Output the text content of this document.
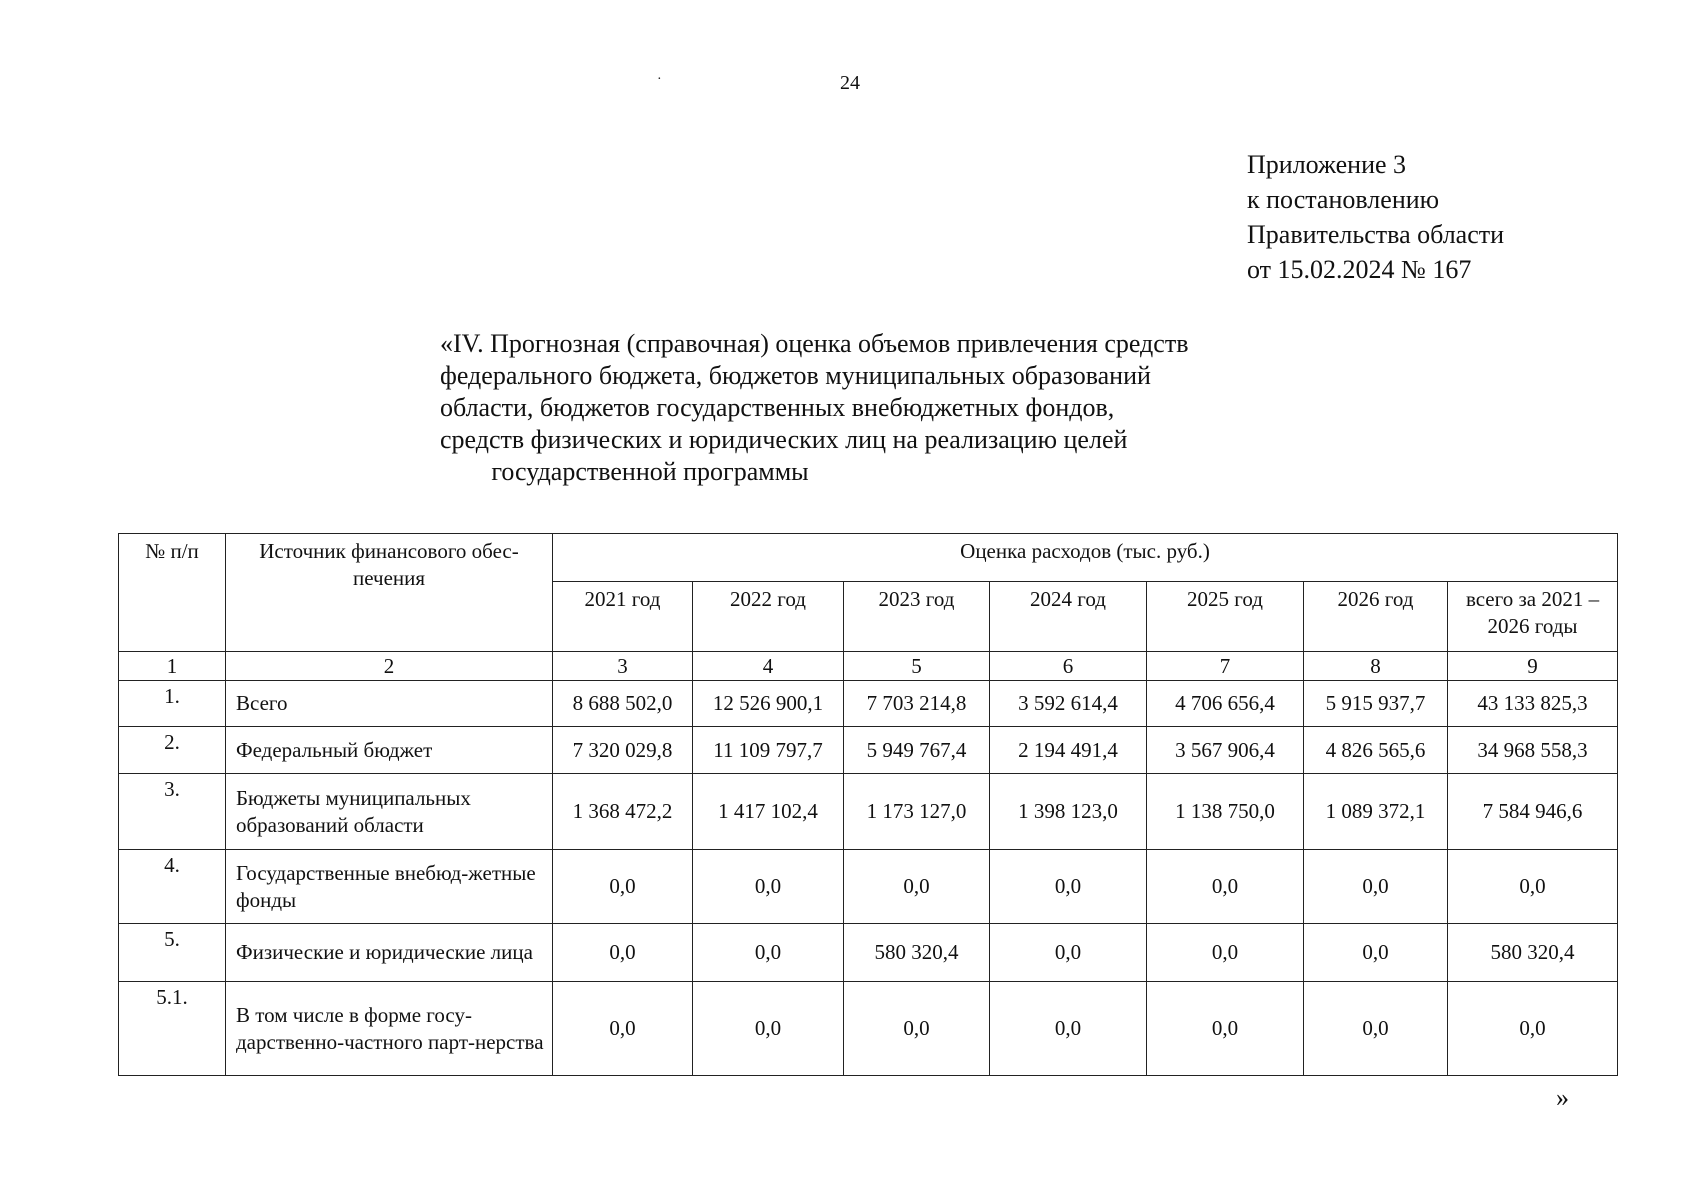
24
·
Приложение 3
к постановлению
Правительства области
от 15.02.2024 № 167
«IV. Прогнозная (справочная) оценка объемов привлечения средств
федерального бюджета, бюджетов муниципальных образований
области, бюджетов государственных внебюджетных фондов,
средств физических и юридических лиц на реализацию целей
государственной программы
№ п/п	Источник финансового обес-печения	Оценка расходов (тыс. руб.)						
		2021 год	2022 год	2023 год	2024 год	2025 год	2026 год	всего за 2021 – 2026 годы
1	2	3	4	5	6	7	8	9
1.	Всего	8 688 502,0	12 526 900,1	7 703 214,8	3 592 614,4	4 706 656,4	5 915 937,7	43 133 825,3
2.	Федеральный бюджет	7 320 029,8	11 109 797,7	5 949 767,4	2 194 491,4	3 567 906,4	4 826 565,6	34 968 558,3
3.	Бюджеты муниципальных образований области	1 368 472,2	1 417 102,4	1 173 127,0	1 398 123,0	1 138 750,0	1 089 372,1	7 584 946,6
4.	Государственные внебюд-жетные фонды	0,0	0,0	0,0	0,0	0,0	0,0	0,0
5.	Физические и юридические лица	0,0	0,0	580 320,4	0,0	0,0	0,0	580 320,4
5.1.	В том числе в форме госу-дарственно-частного парт-нерства	0,0	0,0	0,0	0,0	0,0	0,0	0,0
»
